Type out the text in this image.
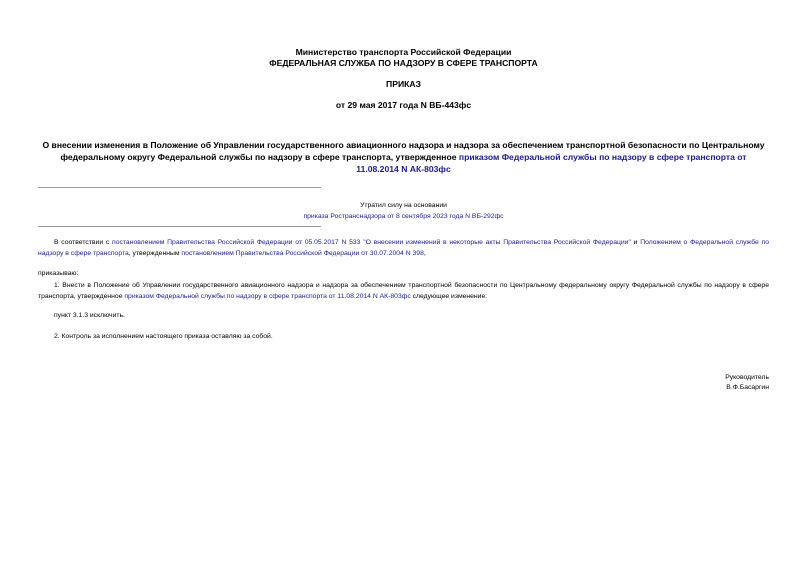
Министерство транспорта Российской Федерации
ФЕДЕРАЛЬНАЯ СЛУЖБА ПО НАДЗОРУ В СФЕРЕ ТРАНСПОРТА
ПРИКАЗ
от 29 мая 2017 года N ВБ-443фс
О внесении изменения в Положение об Управлении государственного авиационного надзора и надзора за обеспечением транспортной безопасности по Центральному федеральному округу Федеральной службы по надзору в сфере транспорта, утвержденное приказом Федеральной службы по надзору в сфере транспорта от 11.08.2014 N АК-803фс
Утратил силу на основании
приказа Ространснадзора от 8 сентября 2023 года N ВБ-292фс
В соответствии с постановлением Правительства Российской Федерации от 05.05.2017 N 533 "О внесении изменений в некоторые акты Правительства Российской Федерации" и Положением о Федеральной службе по надзору в сфере транспорта, утвержденным постановлением Правительства Российской Федерации от 30.07.2004 N 398,
приказываю:
1. Внести в Положение об Управлении государственного авиационного надзора и надзора за обеспечением транспортной безопасности по Центральному федеральному округу Федеральной службы по надзору в сфере транспорта, утвержденное приказом Федеральной службы по надзору в сфере транспорта от 11.08.2014 N АК-803фс следующее изменение:
пункт 3.1.3 исключить.
2. Контроль за исполнением настоящего приказа оставляю за собой.
Руководитель
В.Ф.Басаргин
